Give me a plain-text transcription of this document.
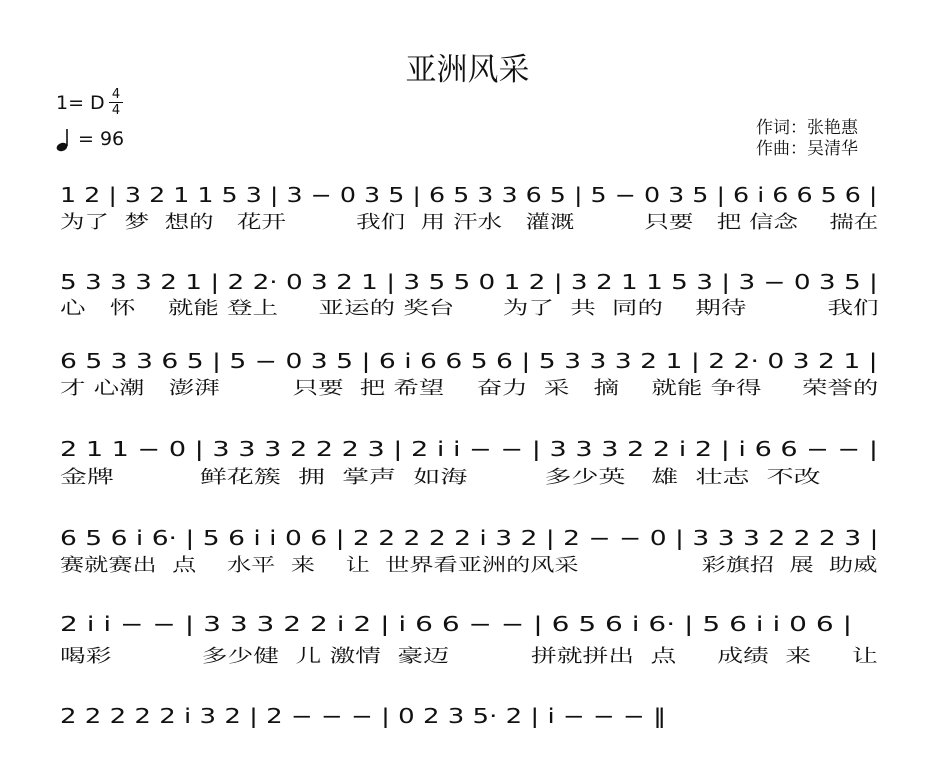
亚洲风采
1= D 4
4
= 96	作词：张艳惠
作曲：吴清华
1 2 | 3 2 1 1 5 3 | 3 − 0 3 5 | 6 5 3 3 6 5 | 5 − 0 3 5 | 6 i 6 6 5 6 |
为了  梦  想的   花开         我们  用 汗水   灌溉         只要   把 信念    揣在
5 3 3 3 2 1 | 2 2· 0 3 2 1 | 3 5 5 0 1 2 | 3 2 1 1 5 3 | 3 − 0 3 5 |
心   怀    就能 登上     亚运的 奖台      为了  共  同的    期待          我们
6 5 3 3 6 5 | 5 − 0 3 5 | 6 i 6 6 5 6 | 5 3 3 3 2 1 | 2 2· 0 3 2 1 |
才 心潮   澎湃         只要  把 希望    奋力  采   摘    就能 争得     荣誉的
2 1 1 − 0 | 3 3 3 2 2 2 3 | 2 i i − − | 3 3 3 2 2 i 2 | i 6 6 − − |
金牌          鲜花簇  拥  掌声  如海         多少英   雄  壮志  不改
6 5 6 i 6· | 5 6 i i 0 6 | 2 2 2 2 2 i 3 2 | 2 − − 0 | 3 3 3 2 2 2 3 |
赛就赛出  点    水平  来    让  世界看亚洲的风采                彩旗招  展  助威
2 i i − − | 3 3 3 2 2 i 2 | i 6 6 − − | 6 5 6 i 6· | 5 6 i i 0 6 |
喝彩           多少健  儿 激情  豪迈          拼就拼出  点     成绩  来     让
2 2 2 2 2 i 3 2 | 2 − − − | 0 2 3 5· 2 | i − − − ‖
